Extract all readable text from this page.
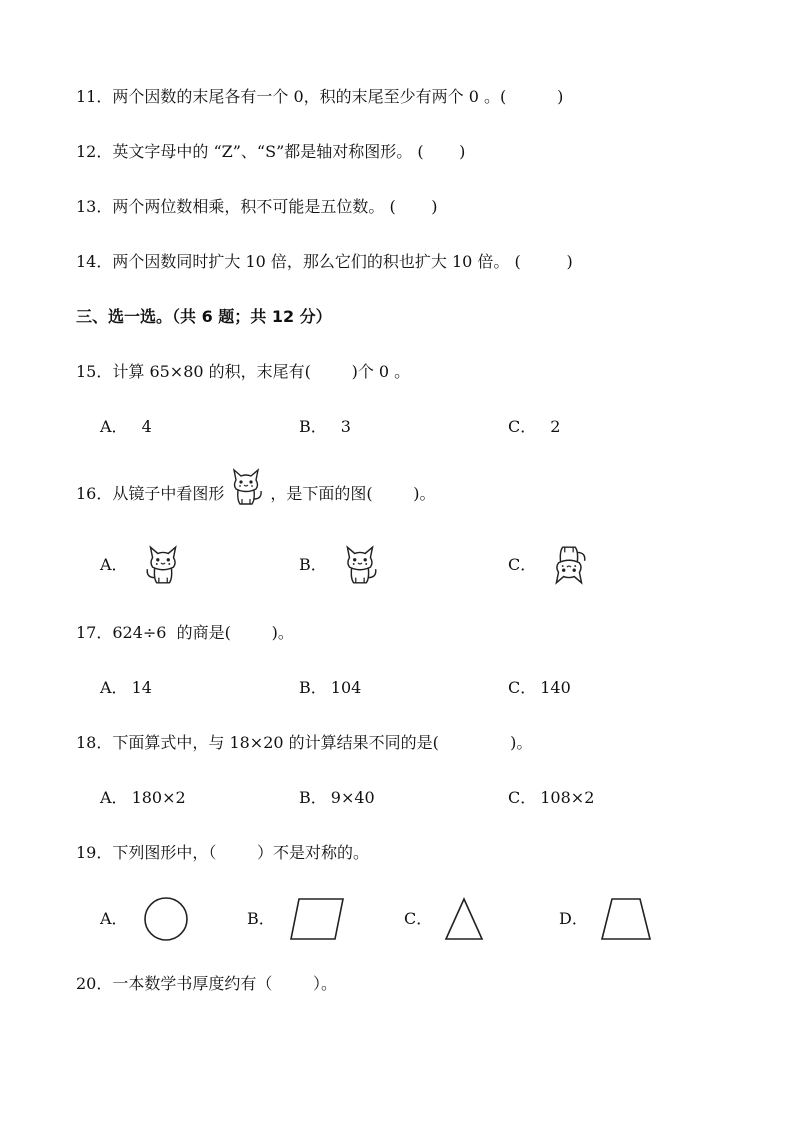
11．两个因数的末尾各有一个 0，积的末尾至少有两个 0 。(          )
12．英文字母中的 “Z”、“S”都是轴对称图形。 (       )
13．两个两位数相乘，积不可能是五位数。 (       )
14．两个因数同时扩大 10 倍，那么它们的积也扩大 10 倍。 (         )
三、选一选。（共 6 题；共 12 分）
15．计算 65×80 的积，末尾有(        )个 0 。
A． 4	B． 3	C． 2
16．从镜子中看图形	，是下面的图(        )。
A．	B．	C．
17．624÷6  的商是(        )。
A． 14	B． 104	C． 140
18．下面算式中，与 18×20 的计算结果不同的是(              )。
A． 180×2	B． 9×40	C． 108×2
19．下列图形中，（        ）不是对称的。
A．	B．	C．	D．
20．一本数学书厚度约有（        ）。
